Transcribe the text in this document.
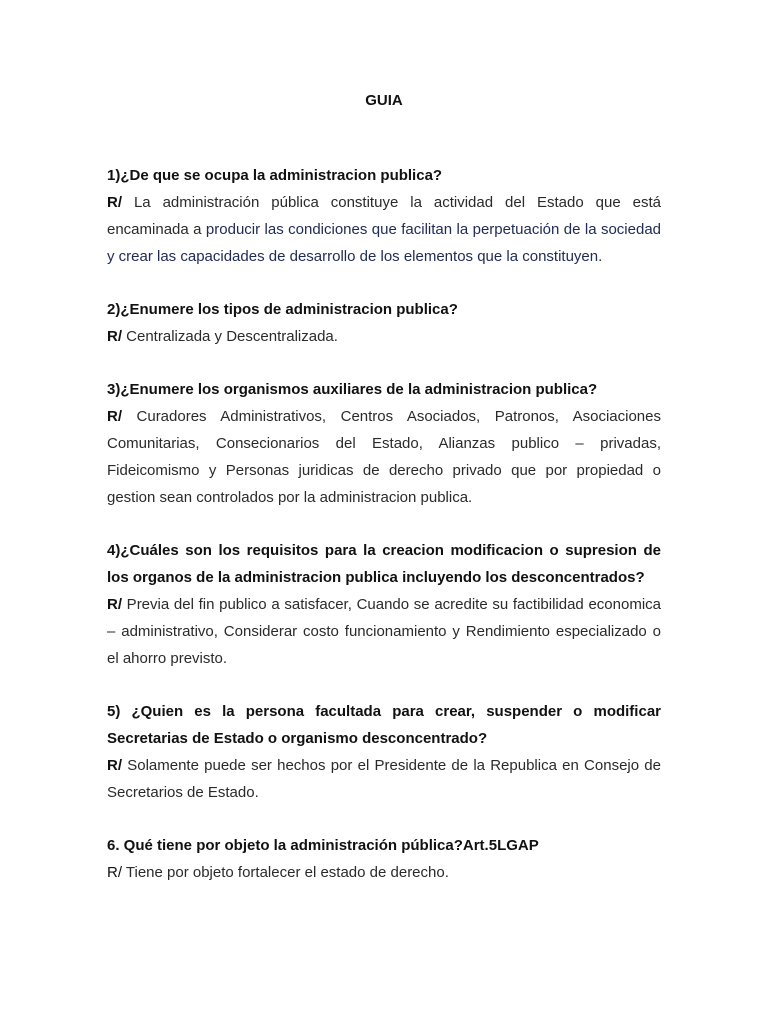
GUIA
1)¿De que se ocupa la administracion publica?
R/ La administración pública constituye la actividad del Estado que está encaminada a producir las condiciones que facilitan la perpetuación de la sociedad y crear las capacidades de desarrollo de los elementos que la constituyen.
2)¿Enumere los tipos de administracion publica?
R/ Centralizada y Descentralizada.
3)¿Enumere los organismos auxiliares de la administracion publica?
R/ Curadores Administrativos, Centros Asociados, Patronos, Asociaciones Comunitarias, Consecionarios del Estado, Alianzas publico – privadas, Fideicomismo y Personas juridicas de derecho privado que por propiedad o gestion sean controlados por la administracion publica.
4)¿Cuáles son los requisitos para la creacion modificacion o supresion de los organos de la administracion publica incluyendo los desconcentrados?
R/ Previa del fin publico a satisfacer, Cuando se acredite su factibilidad economica – administrativo, Considerar costo funcionamiento y Rendimiento especializado o el ahorro previsto.
5) ¿Quien es la persona facultada para crear, suspender o modificar Secretarias de Estado o organismo desconcentrado?
R/ Solamente puede ser hechos por el Presidente de la Republica en Consejo de Secretarios de Estado.
6. Qué tiene por objeto la administración pública?Art.5LGAP
R/ Tiene por objeto fortalecer el estado de derecho.
